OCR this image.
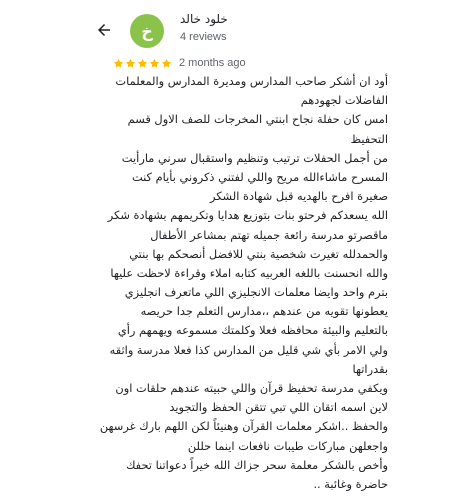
خ
خلود خالد
4 reviews
2 months ago
أود ان أشكر صاحب المدارس ومديرة المدارس والمعلمات
الفاضلات لجهودهم
امس كان حفلة نجاح ابنتي المخرجات للصف الاول قسم
التحفيظ
من أجمل الحفلات ترتيب وتنظيم واستقبال سرني مارأيت
المسرح ماشاءالله مريح واللي لفتني ذكروني بأيام كنت
صغيرة افرح بالهديه قبل شهادة الشكر
الله يسعدكم فرحتو بنات بتوزيع هدايا وتكريمهم بشهادة شكر
ماقصرتو مدرسة رائعة جميله تهتم بمشاعر الأطفال
والحمدلله تغيرت شخصية بنتي للافضل أنصحكم بها بنتي
والله انحسنت باللغه العربيه كتابه املاء وقراءة لاحظت عليها
بترم واحد وايضا معلمات الانجليزي اللي ماتعرف انجليزي
يعطونها تقويه من عندهم ،،مدارس التعلم جدا حريصه
بالتعليم والبيئة محافظه فعلا وكلمتك مسموعه ويهمهم رأي
ولي الامر بأي شي قليل من المدارس كذا فعلا مدرسة واثقه
بقدراتها
ويكفي مدرسة تحفيظ قرآن واللي حبيته عندهم حلقات اون
لاين اسمه اتقان اللي تبي تتقن الحفظ والتجويد
والحفظ ..اشكر معلمات القرآن وهنيئاً لكن اللهم بارك غرسهن
واجعلهن مباركات طيبات نافعات اينما حللن
وأخص بالشكر معلمة سحر جزاك الله خيراً دعواتنا تحفك
حاضرة وغائبة ..
